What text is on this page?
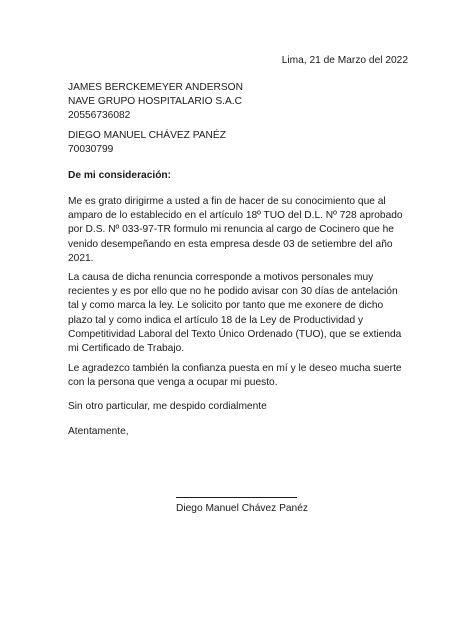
Lima, 21 de Marzo del 2022
JAMES BERCKEMEYER ANDERSON
NAVE GRUPO HOSPITALARIO S.A.C
20556736082
DIEGO MANUEL CHÁVEZ PANÉZ
70030799
De mi consideración:
Me es grato dirigirme a usted a fin de hacer de su conocimiento que al
amparo de lo establecido en el artículo 18º TUO del D.L. Nº 728 aprobado
por D.S. Nº 033-97-TR formulo mi renuncia al cargo de Cocinero que he
venido desempeñando en esta empresa desde 03 de setiembre del año
2021.
La causa de dicha renuncia corresponde a motivos personales muy
recientes y es por ello que no he podido avisar con 30 días de antelación
tal y como marca la ley. Le solicito por tanto que me exonere de dicho
plazo tal y como indica el artículo 18 de la Ley de Productividad y
Competitividad Laboral del Texto Único Ordenado (TUO), que se extienda
mi Certificado de Trabajo.
Le agradezco también la confianza puesta en mí y le deseo mucha suerte
con la persona que venga a ocupar mi puesto.
Sin otro particular, me despido cordialmente
Atentamente,
Diego Manuel Chávez Panéz
